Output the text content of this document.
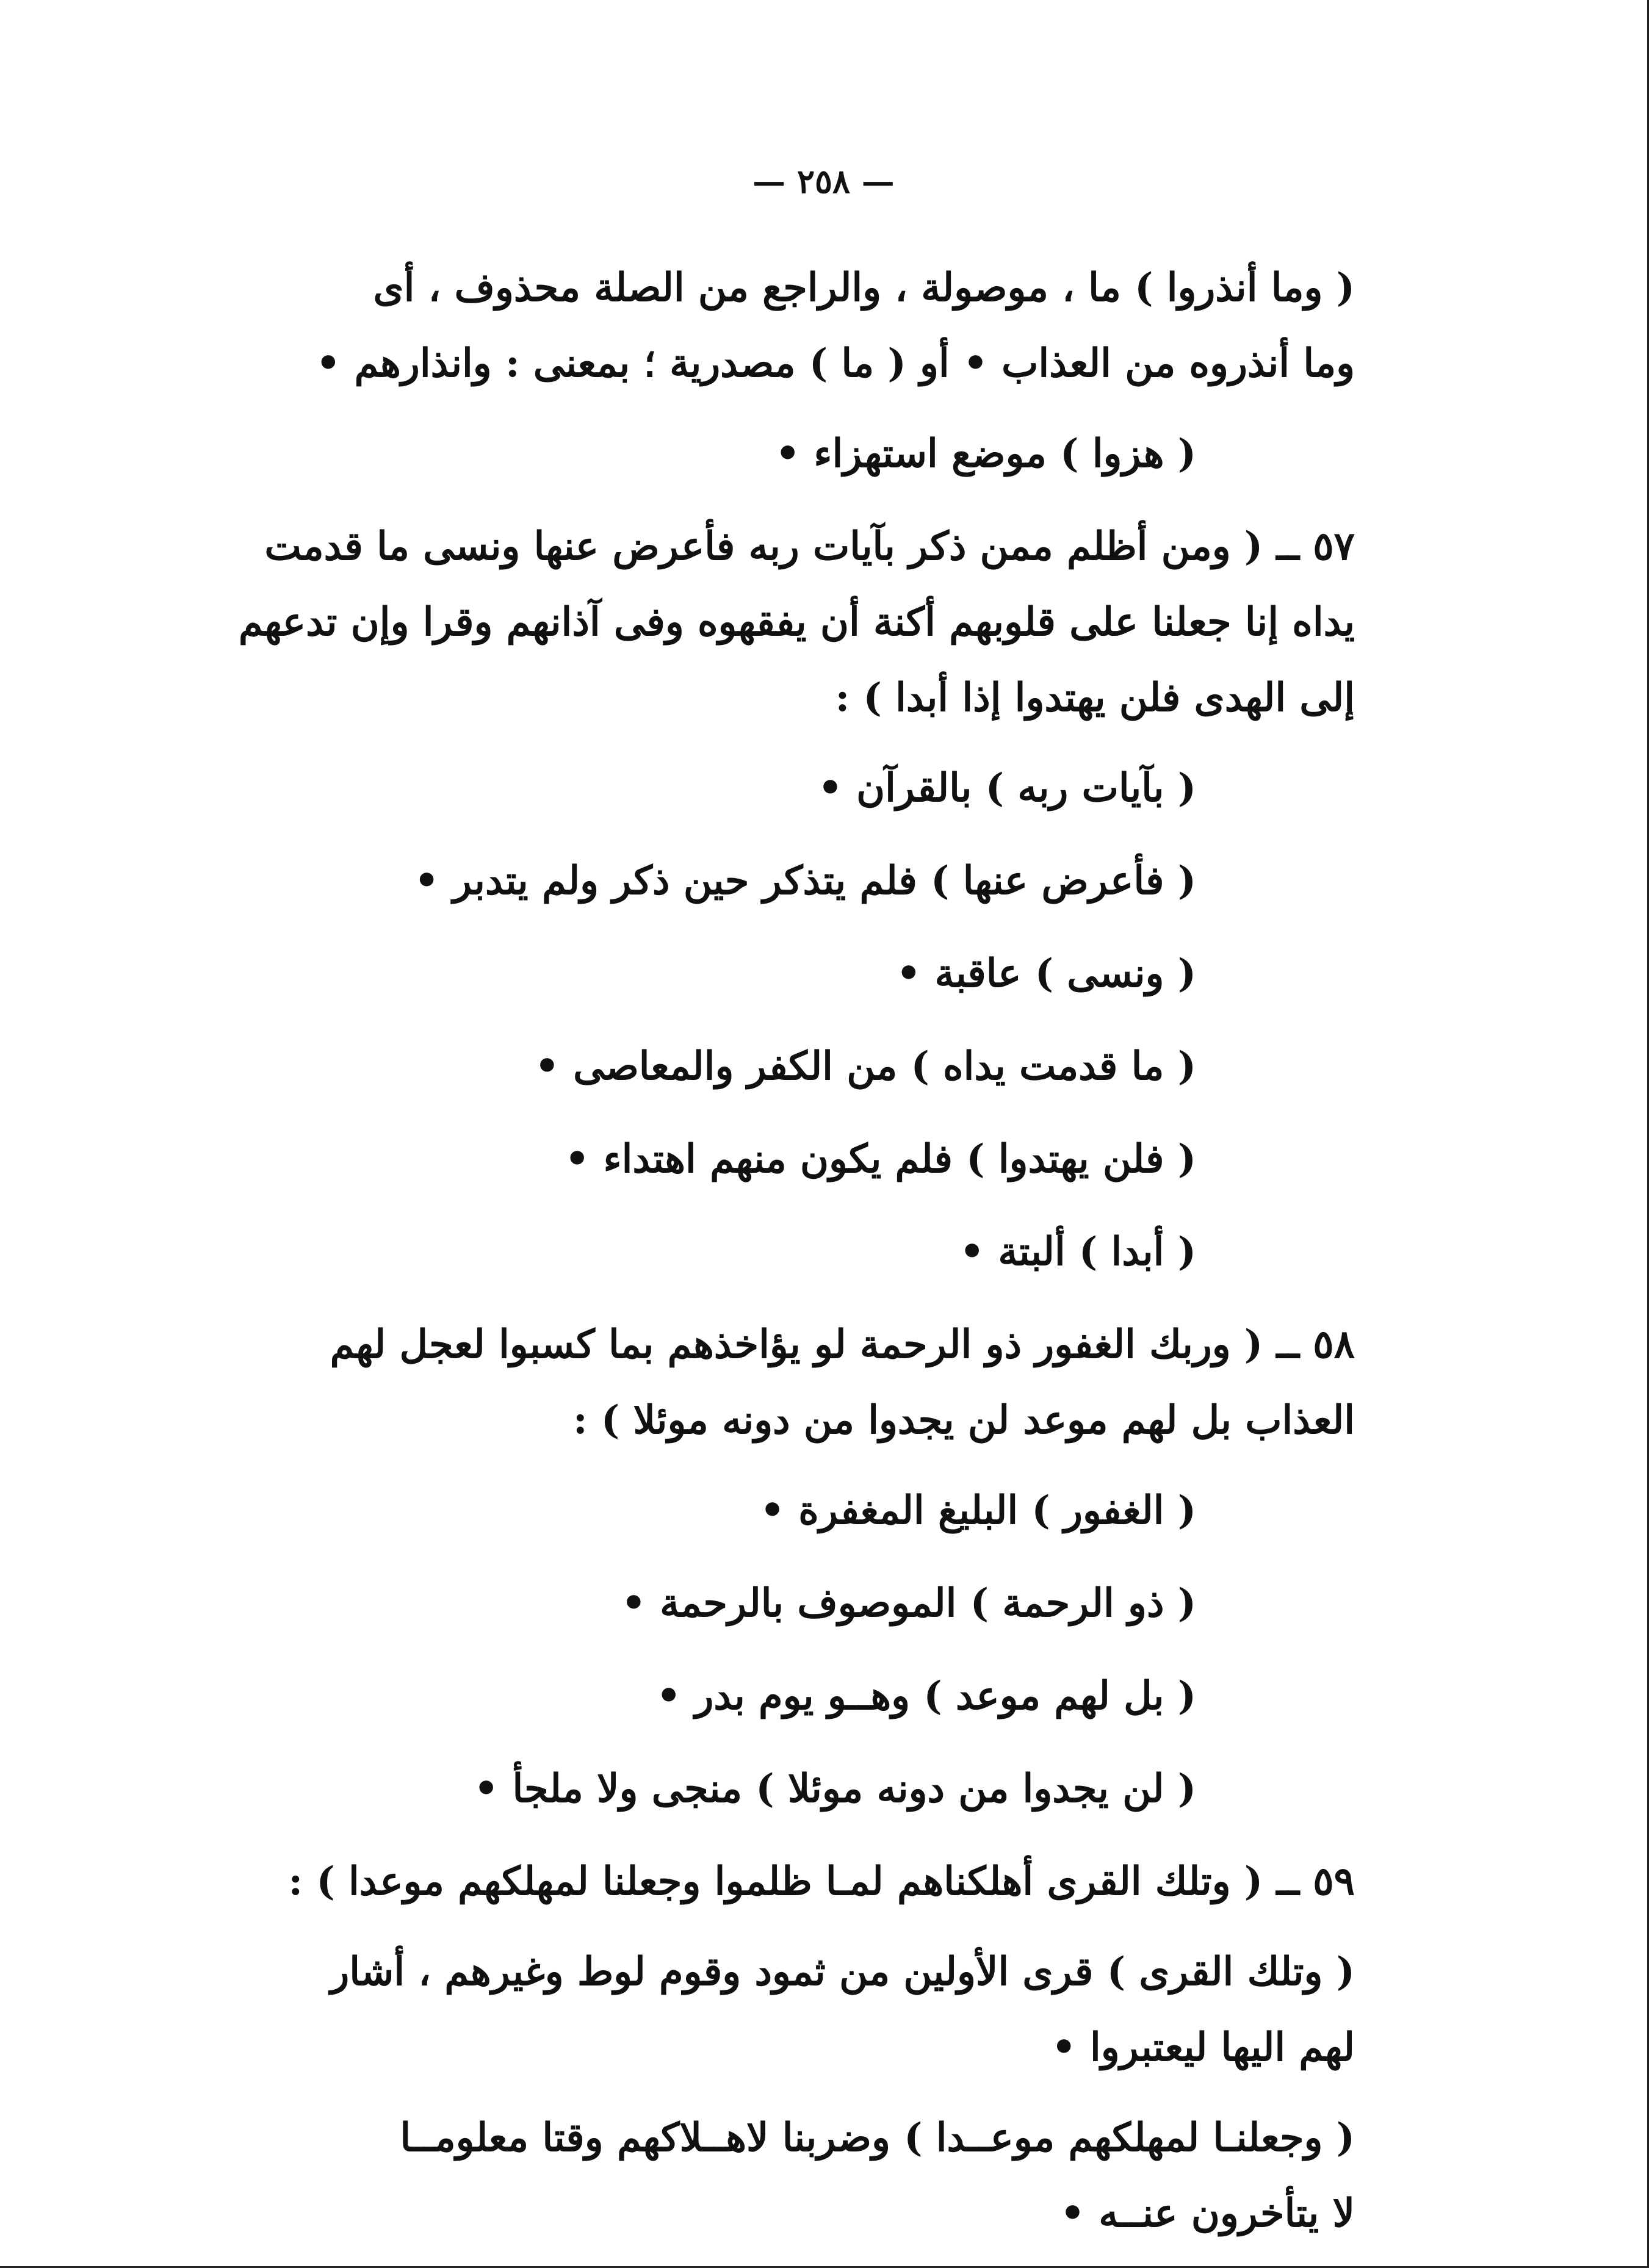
— ٢٥٨ —
( وما أنذروا ) ما ، موصولة ، والراجع من الصلة محذوف ، أى
وما أنذروه من العذاب • أو ( ما ) مصدرية ؛ بمعنى : وانذارهم •
( هزوا ) موضع استهزاء •
٥٧ ــ ( ومن أظلم ممن ذكر بآيات ربه فأعرض عنها ونسى ما قدمت
يداه إنا جعلنا على قلوبهم أكنة أن يفقهوه وفى آذانهم وقرا وإن تدعهم
إلى الهدى فلن يهتدوا إذا أبدا ) :
( بآيات ربه ) بالقرآن •
( فأعرض عنها ) فلم يتذكر حين ذكر ولم يتدبر •
( ونسى ) عاقبة •
( ما قدمت يداه ) من الكفر والمعاصى •
( فلن يهتدوا ) فلم يكون منهم اهتداء •
( أبدا ) ألبتة •
٥٨ ــ ( وربك الغفور ذو الرحمة لو يؤاخذهم بما كسبوا لعجل لهم
العذاب بل لهم موعد لن يجدوا من دونه موئلا ) :
( الغفور ) البليغ المغفرة •
( ذو الرحمة ) الموصوف بالرحمة •
( بل لهم موعد ) وهــو يوم بدر •
( لن يجدوا من دونه موئلا ) منجى ولا ملجأ •
٥٩ ــ ( وتلك القرى أهلكناهم لمـا ظلموا وجعلنا لمهلكهم موعدا ) :
( وتلك القرى ) قرى الأولين من ثمود وقوم لوط وغيرهم ، أشار
لهم اليها ليعتبروا •
( وجعلنـا لمهلكهم موعــدا ) وضربنا لاهــلاكهم وقتا معلومــا
لا يتأخرون عنــه •
